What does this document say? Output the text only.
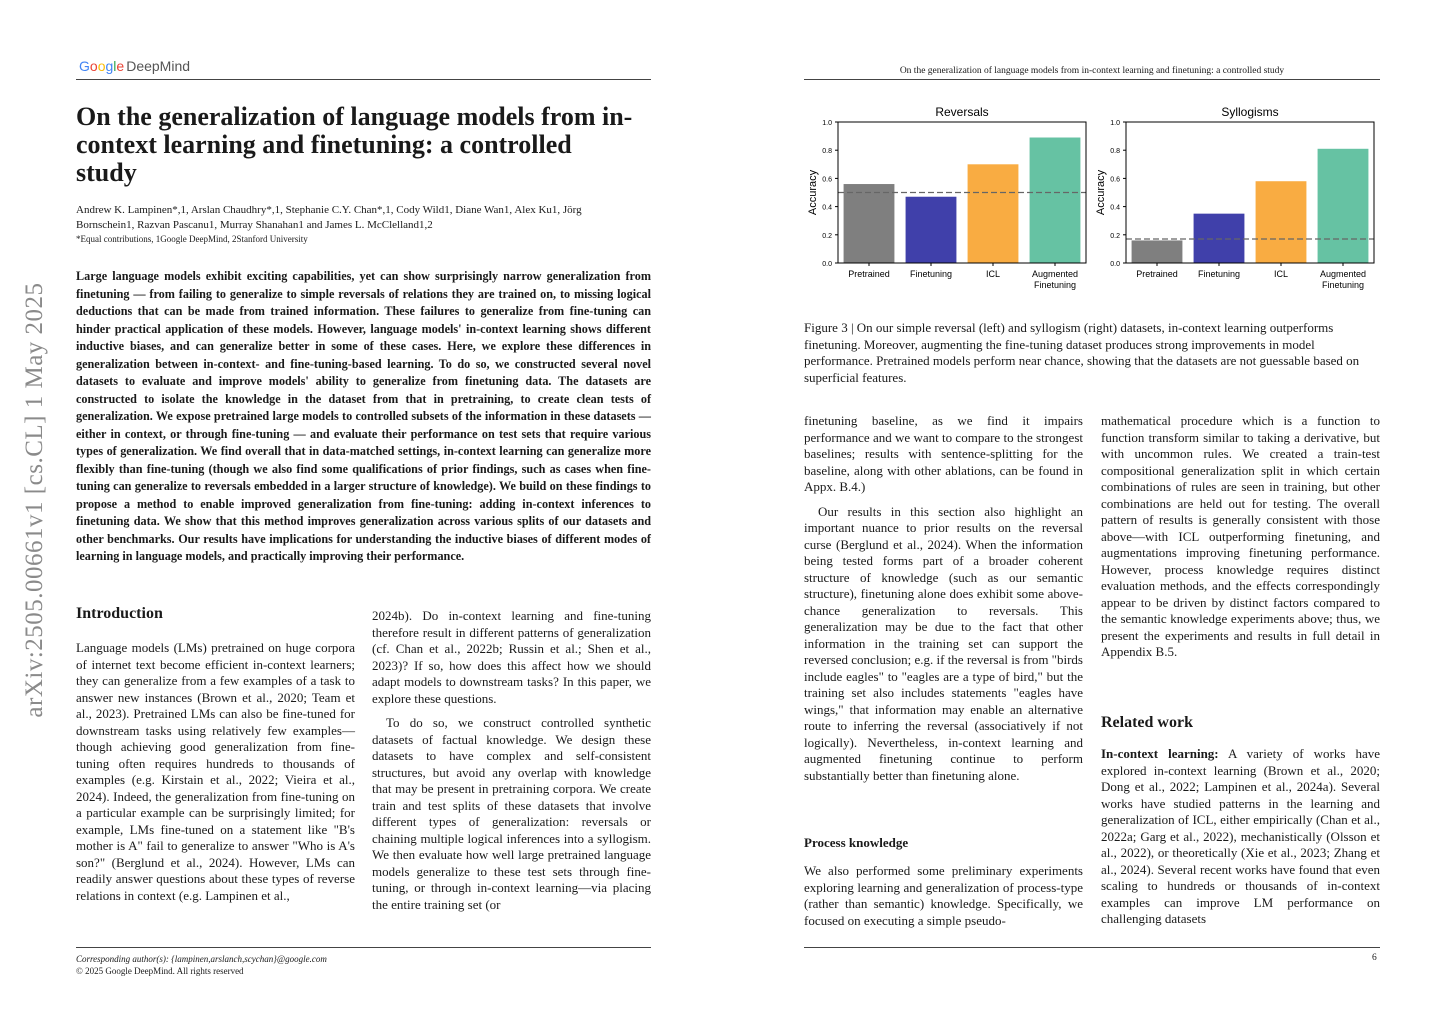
Google DeepMind
arXiv:2505.00661v1 [cs.CL] 1 May 2025
On the generalization of language models from in-context learning and finetuning: a controlled study
Andrew K. Lampinen*,1, Arslan Chaudhry*,1, Stephanie C.Y. Chan*,1, Cody Wild1, Diane Wan1, Alex Ku1, Jörg
Bornschein1, Razvan Pascanu1, Murray Shanahan1 and James L. McClelland1,2
*Equal contributions, 1Google DeepMind, 2Stanford University
Large language models exhibit exciting capabilities, yet can show surprisingly narrow generalization from finetuning — from failing to generalize to simple reversals of relations they are trained on, to missing logical deductions that can be made from trained information. These failures to generalize from fine-tuning can hinder practical application of these models. However, language models' in-context learning shows different inductive biases, and can generalize better in some of these cases. Here, we explore these differences in generalization between in-context- and fine-tuning-based learning. To do so, we constructed several novel datasets to evaluate and improve models' ability to generalize from finetuning data. The datasets are constructed to isolate the knowledge in the dataset from that in pretraining, to create clean tests of generalization. We expose pretrained large models to controlled subsets of the information in these datasets — either in context, or through fine-tuning — and evaluate their performance on test sets that require various types of generalization. We find overall that in data-matched settings, in-context learning can generalize more flexibly than fine-tuning (though we also find some qualifications of prior findings, such as cases when fine-tuning can generalize to reversals embedded in a larger structure of knowledge). We build on these findings to propose a method to enable improved generalization from fine-tuning: adding in-context inferences to finetuning data. We show that this method improves generalization across various splits of our datasets and other benchmarks. Our results have implications for understanding the inductive biases of different modes of learning in language models, and practically improving their performance.
Introduction

Language models (LMs) pretrained on huge corpora of internet text become efficient in-context learners; they can generalize from a few examples of a task to answer new instances (Brown et al., 2020; Team et al., 2023). Pretrained LMs can also be fine-tuned for downstream tasks using relatively few examples—though achieving good generalization from fine-tuning often requires hundreds to thousands of examples (e.g. Kirstain et al., 2022; Vieira et al., 2024). Indeed, the generalization from fine-tuning on a particular example can be surprisingly limited; for example, LMs fine-tuned on a statement like "B's mother is A" fail to generalize to answer "Who is A's son?" (Berglund et al., 2024). However, LMs can readily answer questions about these types of reverse relations in context (e.g. Lampinen et al.,

2024b). Do in-context learning and fine-tuning therefore result in different patterns of generalization (cf. Chan et al., 2022b; Russin et al.; Shen et al., 2023)? If so, how does this affect how we should adapt models to downstream tasks? In this paper, we explore these questions.

To do so, we construct controlled synthetic datasets of factual knowledge. We design these datasets to have complex and self-consistent structures, but avoid any overlap with knowledge that may be present in pretraining corpora. We create train and test splits of these datasets that involve different types of generalization: reversals or chaining multiple logical inferences into a syllogism. We then evaluate how well large pretrained language models generalize to these test sets through fine-tuning, or through in-context learning—via placing the entire training set (or

Corresponding author(s): {lampinen,arslanch,scychan}@google.com
© 2025 Google DeepMind. All rights reserved
On the generalization of language models from in-context learning and finetuning: a controlled study
Reversals
Accuracy
0.0
0.2
0.4
0.6
0.8
1.0
Pretrained Finetuning	ICL	Augmented
Finetuning
Syllogisms
Accuracy
0.0
0.2
0.4
0.6
0.8
1.0
Pretrained Finetuning	ICL	Augmented
Finetuning
Figure 3 | On our simple reversal (left) and syllogism (right) datasets, in-context learning outperforms finetuning. Moreover, augmenting the fine-tuning dataset produces strong improvements in model performance. Pretrained models perform near chance, showing that the datasets are not guessable based on superficial features.

finetuning baseline, as we find it impairs performance and we want to compare to the strongest baselines; results with sentence-splitting for the baseline, along with other ablations, can be found in Appx. B.4.)

Our results in this section also highlight an important nuance to prior results on the reversal curse (Berglund et al., 2024). When the information being tested forms part of a broader coherent structure of knowledge (such as our semantic structure), finetuning alone does exhibit some above-chance generalization to reversals. This generalization may be due to the fact that other information in the training set can support the reversed conclusion; e.g. if the reversal is from "birds include eagles" to "eagles are a type of bird," but the training set also includes statements "eagles have wings," that information may enable an alternative route to inferring the reversal (associatively if not logically). Nevertheless, in-context learning and augmented finetuning continue to perform substantially better than finetuning alone.

Process knowledge

We also performed some preliminary experiments exploring learning and generalization of process-type (rather than semantic) knowledge. Specifically, we focused on executing a simple pseudo-

mathematical procedure which is a function to function transform similar to taking a derivative, but with uncommon rules. We created a train-test compositional generalization split in which certain combinations of rules are seen in training, but other combinations are held out for testing. The overall pattern of results is generally consistent with those above—with ICL outperforming finetuning, and augmentations improving finetuning performance. However, process knowledge requires distinct evaluation methods, and the effects correspondingly appear to be driven by distinct factors compared to the semantic knowledge experiments above; thus, we present the experiments and results in full detail in Appendix B.5.

Related work

In-context learning: A variety of works have explored in-context learning (Brown et al., 2020; Dong et al., 2022; Lampinen et al., 2024a). Several works have studied patterns in the learning and generalization of ICL, either empirically (Chan et al., 2022a; Garg et al., 2022), mechanistically (Olsson et al., 2022), or theoretically (Xie et al., 2023; Zhang et al., 2024). Several recent works have found that even scaling to hundreds or thousands of in-context examples can improve LM performance on challenging datasets

6
